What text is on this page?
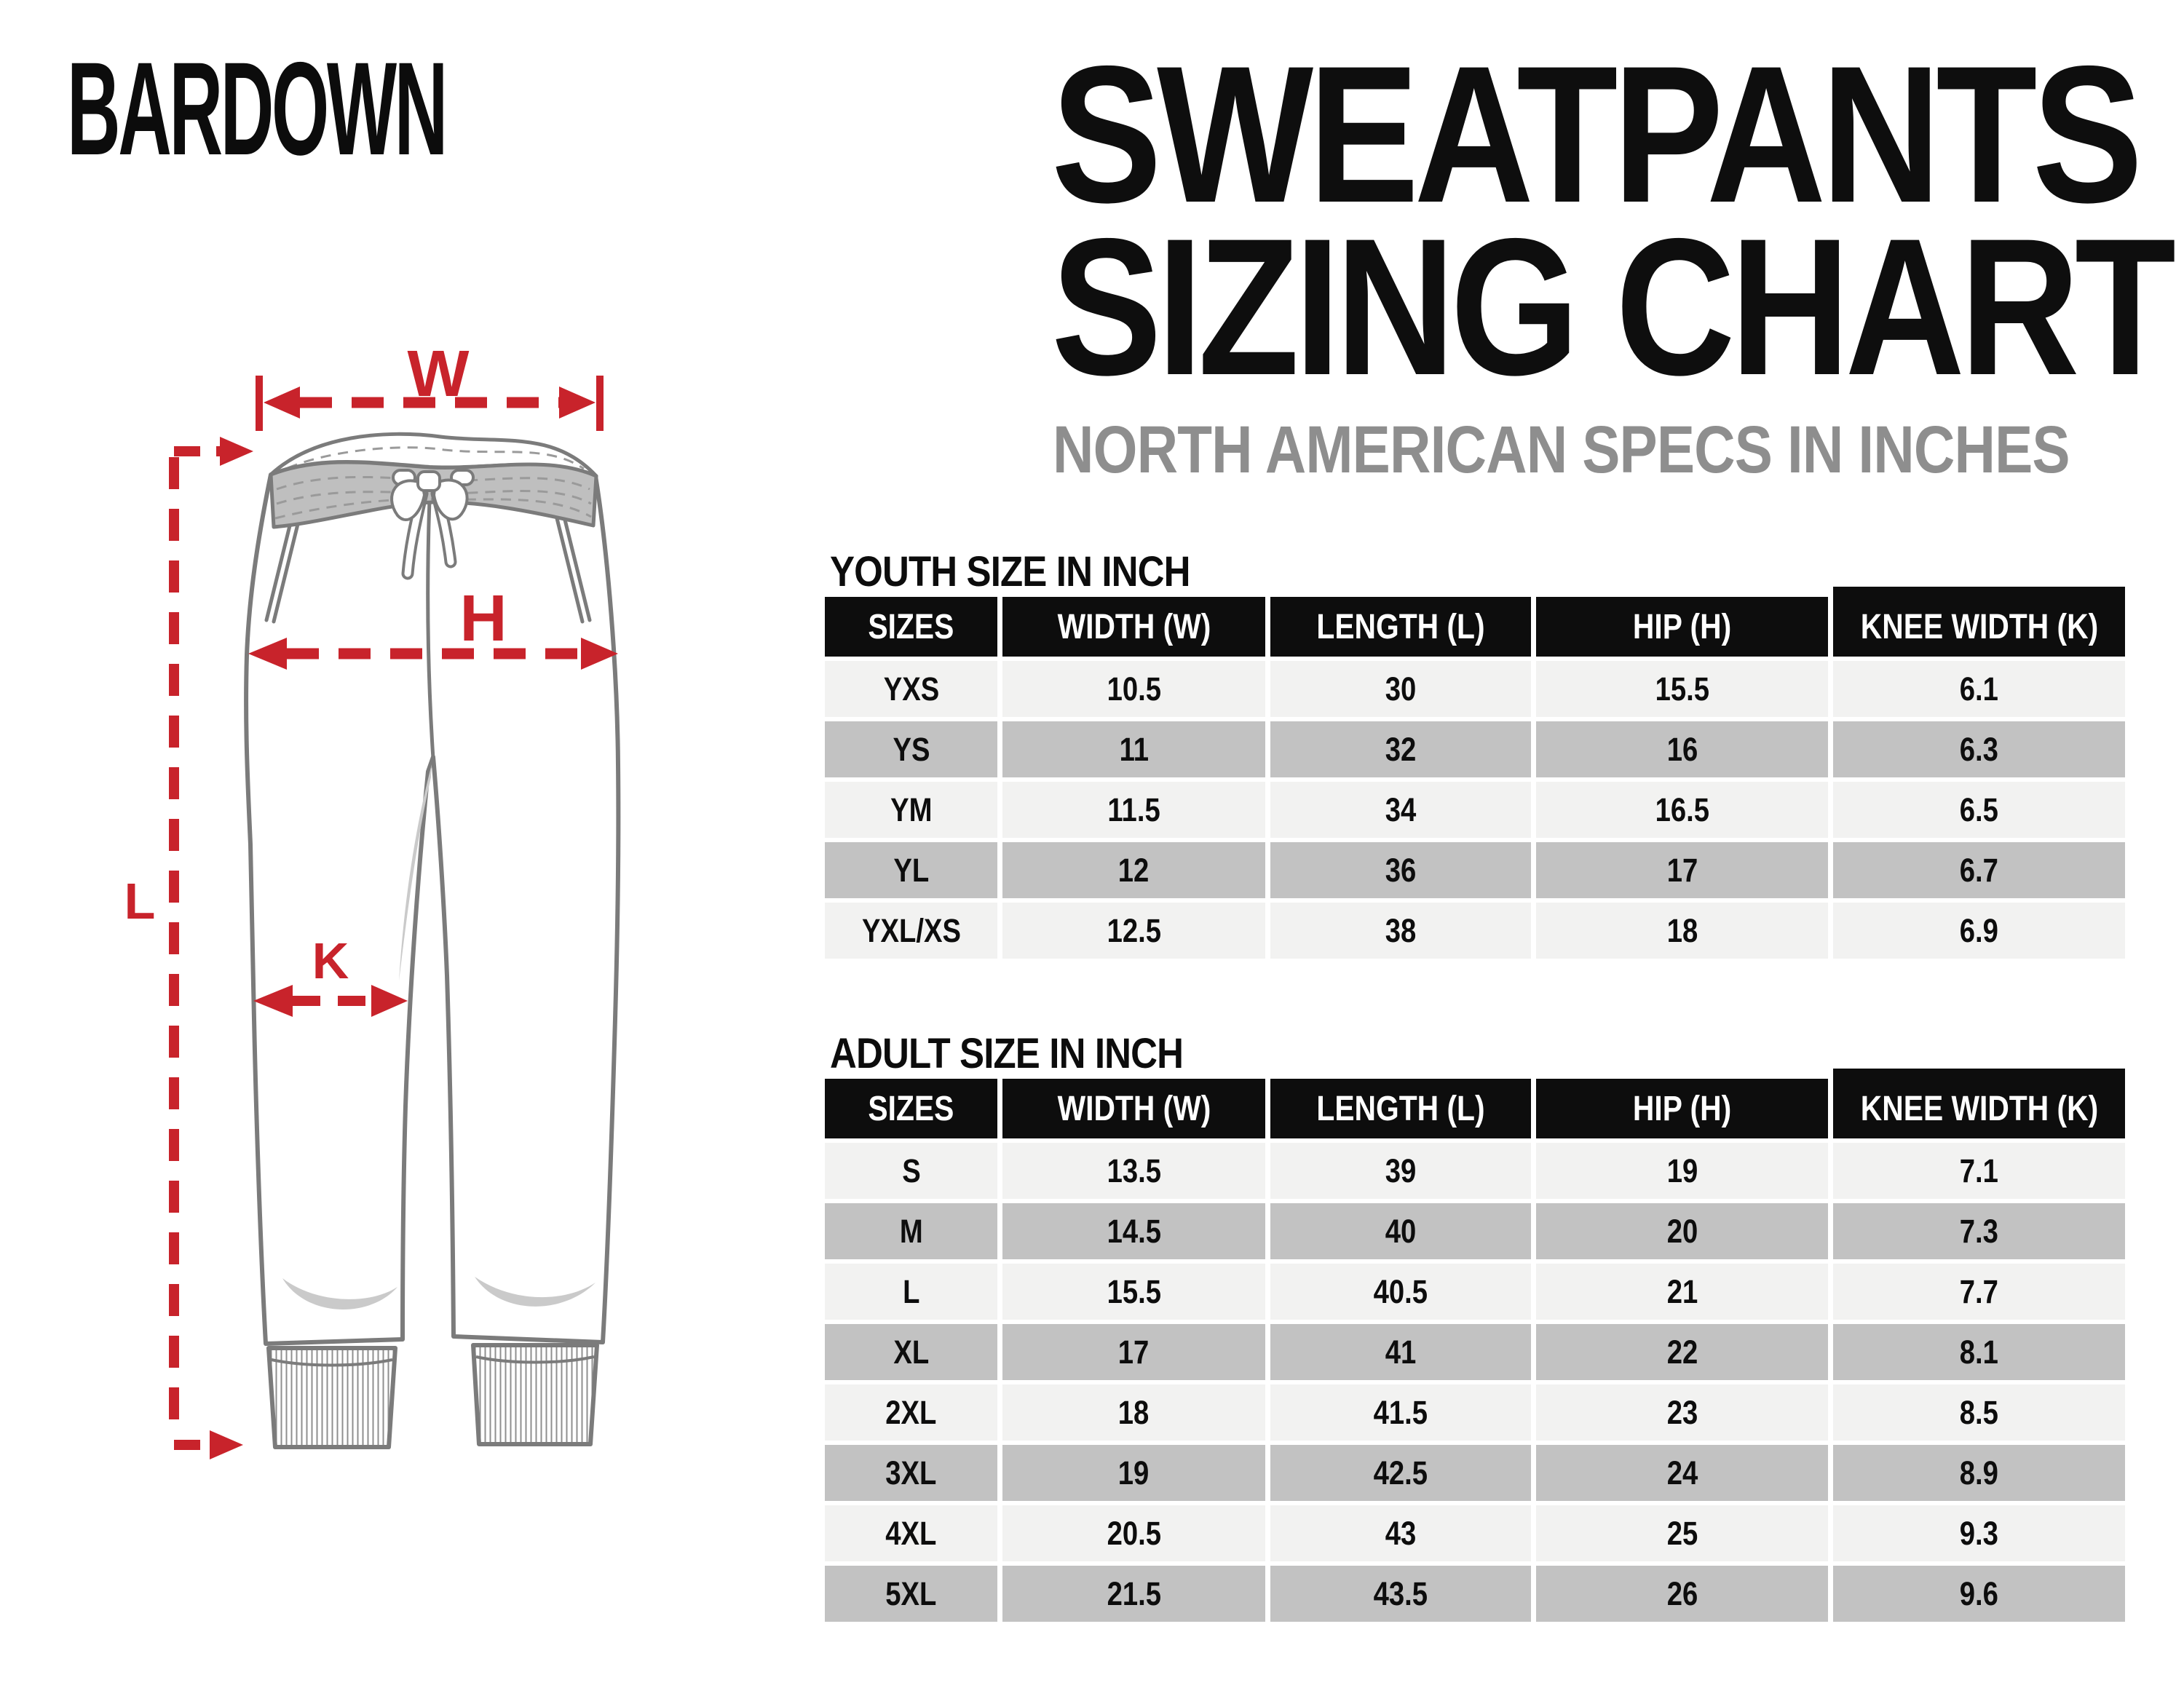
BARDOWN	SWEATPANTS
SIZING CHART
NORTH AMERICAN SPECS IN INCHES
W
H
K
L
YOUTH SIZE IN INCH
SIZES	WIDTH (W)	LENGTH (L)	HIP (H)	KNEE WIDTH (K)
YXS	10.5	30	15.5	6.1
YS	11	32	16	6.3
YM	11.5	34	16.5	6.5
YL	12	36	17	6.7
YXL/XS	12.5	38	18	6.9
ADULT SIZE IN INCH
SIZES	WIDTH (W)	LENGTH (L)	HIP (H)	KNEE WIDTH (K)
S	13.5	39	19	7.1
M	14.5	40	20	7.3
L	15.5	40.5	21	7.7
XL	17	41	22	8.1
2XL	18	41.5	23	8.5
3XL	19	42.5	24	8.9
4XL	20.5	43	25	9.3
5XL	21.5	43.5	26	9.6
